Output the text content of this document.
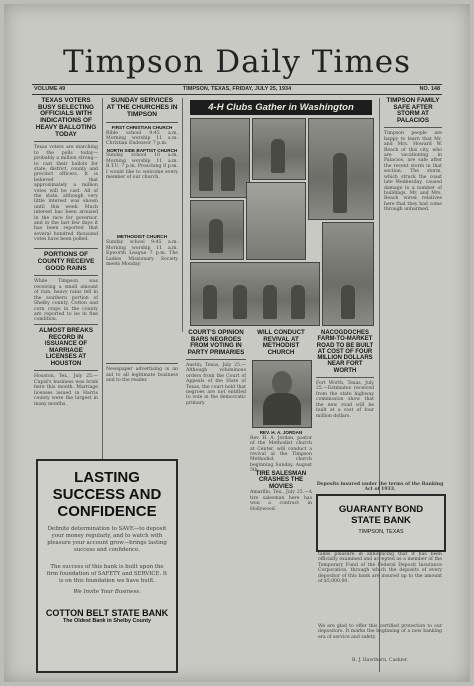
Timpson Daily Times
VOLUME 49	TIMPSON, TEXAS, FRIDAY, JULY 25, 1934	NO. 148
TEXAS VOTERS BUSY SELECTING OFFICIALS WITH INDICATIONS OF HEAVY BALLOTING TODAY
Texas voters are marching to the polls today—probably a million strong—to cast their ballots for state, district, county and precinct officers. It is believed that approximately a million votes will be cast. All of the state, although very little interest was shown until this week. Much interest has been aroused in the race for governor, and in the last few days it has been reported that several hundred thousand votes have been polled.
PORTIONS OF COUNTY RECEIVE GOOD RAINS
While Timpson was receiving a small amount of rain, heavy rains fell in the southern portion of Shelby county. Cotton and corn crops in the county are reported to be in fine condition.
ALMOST BREAKS RECORD IN ISSUANCE OF MARRIAGE LICENSES AT HOUSTON
Houston, Tex., July 25.—Cupid's business was brisk here this month. Marriage licenses issued in Harris county were the largest in many months.
SUNDAY SERVICES AT THE CHURCHES IN TIMPSON
FIRST CHRISTIAN CHURCH
Bible school 9:45 a.m. Morning worship 11 a.m. Christian Endeavor 7 p.m.
NORTH SIDE BAPTIST CHURCH
Sunday school 10 a.m. Morning worship 11 a.m. B.T.U. 7 p.m. Preaching 8 p.m. I would like to welcome every member of our church.
METHODIST CHURCH
Sunday school 9:45 a.m. Morning worship 11 a.m. Epworth League 7 p.m. The Ladies Missionary Society meets Monday.
Newspaper advertising is an aid to all legitimate business and to the reader.
4-H Clubs Gather in Washington
COURT'S OPINION BARS NEGROES FROM VOTING IN PARTY PRIMARIES
Austin, Texas, July 25.—Although voluminous orders from the Court of Appeals of the State of Texas, the court held that negroes are not entitled to vote in the democratic primary.
WILL CONDUCT REVIVAL AT METHODIST CHURCH
REV. H. A. JORDAN
Rev. H. A. Jordan, pastor of the Methodist church at Center, will conduct a revival at the Timpson Methodist church beginning Sunday, August 5th.
TIRE SALESMAN CRASHES THE MOVIES
Amarillo, Tex., July 25.—A tire salesman here has won a contract in Hollywood.
NACOGDOCHES FARM-TO-MARKET ROAD TO BE BUILT AT COST OF FOUR MILLION DOLLARS NEAR FORT WORTH
Fort Worth, Texas, July 25.—Estimates received from the state highway commission show that the new road will be built at a cost of four million dollars.
TIMPSON FAMILY SAFE AFTER STORM AT PALACIOS
Timpson people are happy to learn that Mr. and Mrs. Howard W. Beach of this city, who are vacationing in Palacios, are safe after the recent storm in that section. The storm, which struck the coast late Wednesday, caused damage to a number of buildings. Mr. and Mrs. Beach wired relatives here that they had come through unharmed.
LASTING
SUCCESS AND
CONFIDENCE
Definite determination to SAVE—to deposit your money regularly, and to watch with pleasure your account grow—brings lasting success and confidence.
The success of this bank is built upon the firm foundation of SAFETY and SERVICE. It is on this foundation we have built.
We Invite Your Business.
COTTON BELT STATE BANK
The Oldest Bank in Shelby County
Deposits insured under the terms of the Banking Act of 1933.
GUARANTY BOND
STATE BANK
TIMPSON, TEXAS
takes pleasure in announcing that it has been officially examined and accepted as a member of the Temporary Fund of the Federal Deposit Insurance Corporation, through which the deposits of every depositor of this bank are insured up to the amount of $5,000.00.
We are glad to offer this certified protection to our depositors. It marks the beginning of a new banking era of service and safety.
B. J. Hawthorn, Cashier.
